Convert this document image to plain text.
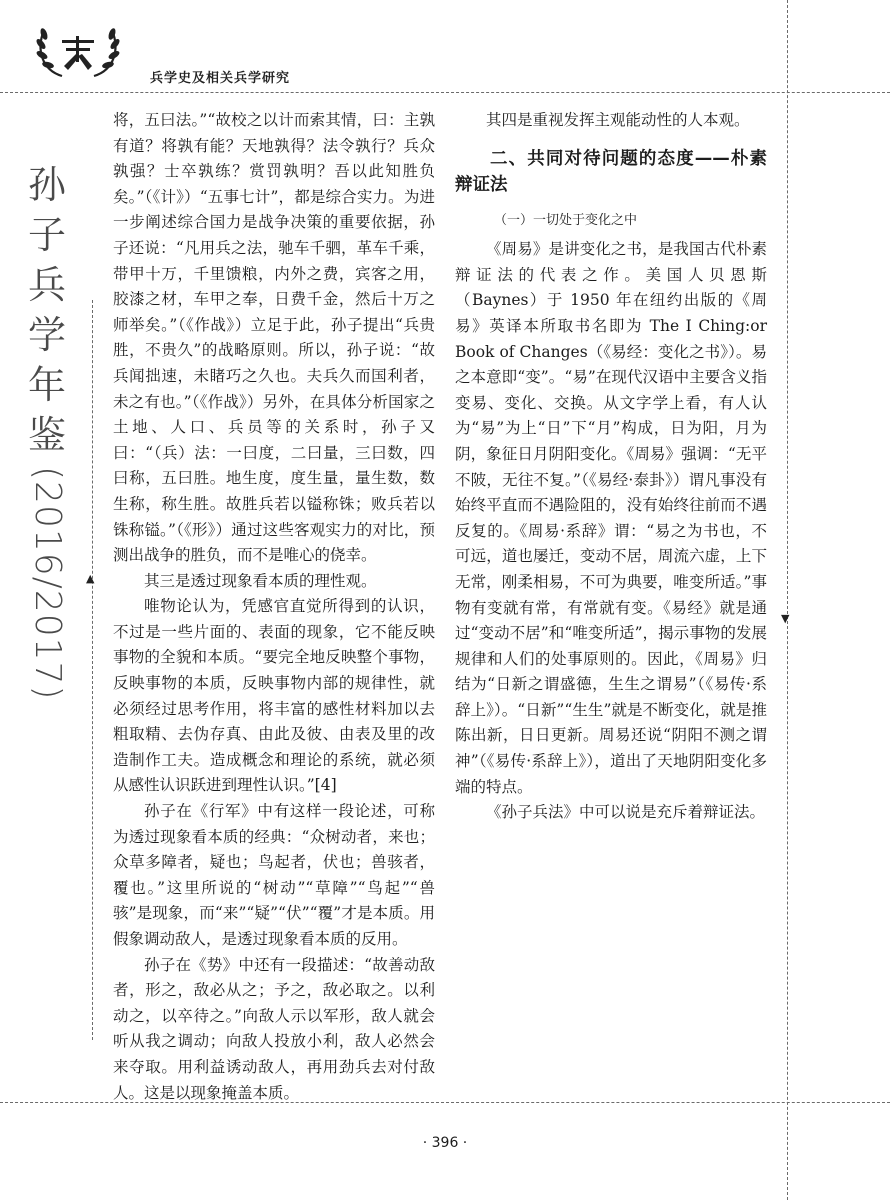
兵学史及相关兵学研究
孙
子
兵
学
年
鉴
(2016/2017)	▲
▼

将，五曰法。”“故校之以计而索其情，曰：主孰有道？将孰有能？天地孰得？法令孰行？兵众孰强？士卒孰练？赏罚孰明？吾以此知胜负矣。”（《计》）“五事七计”，都是综合实力。为进一步阐述综合国力是战争决策的重要依据，孙子还说：“凡用兵之法，驰车千驷，革车千乘，带甲十万，千里馈粮，内外之费，宾客之用，胶漆之材，车甲之奉，日费千金，然后十万之师举矣。”（《作战》）立足于此，孙子提出“兵贵胜，不贵久”的战略原则。所以，孙子说：“故兵闻拙速，未睹巧之久也。夫兵久而国利者，未之有也。”（《作战》）另外，在具体分析国家之土地、人口、兵员等的关系时，孙子又曰：“（兵）法：一曰度，二曰量，三曰数，四曰称，五曰胜。地生度，度生量，量生数，数生称，称生胜。故胜兵若以镒称铢；败兵若以铢称镒。”（《形》）通过这些客观实力的对比，预测出战争的胜负，而不是唯心的侥幸。

其三是透过现象看本质的理性观。

唯物论认为，凭感官直觉所得到的认识，不过是一些片面的、表面的现象，它不能反映事物的全貌和本质。“要完全地反映整个事物，反映事物的本质，反映事物内部的规律性，就必须经过思考作用，将丰富的感性材料加以去粗取精、去伪存真、由此及彼、由表及里的改造制作工夫。造成概念和理论的系统，就必须从感性认识跃进到理性认识。”[4]

孙子在《行军》中有这样一段论述，可称为透过现象看本质的经典：“众树动者，来也；众草多障者，疑也；鸟起者，伏也；兽骇者，覆也。”这里所说的“树动”“草障”“鸟起”“兽骇”是现象，而“来”“疑”“伏”“覆”才是本质。用假象调动敌人，是透过现象看本质的反用。

孙子在《势》中还有一段描述：“故善动敌者，形之，敌必从之；予之，敌必取之。以利动之，以卒待之。”向敌人示以军形，敌人就会听从我之调动；向敌人投放小利，敌人必然会来夺取。用利益诱动敌人，再用劲兵去对付敌人。这是以现象掩盖本质。

其四是重视发挥主观能动性的人本观。

二、共同对待问题的态度——朴素辩证法
（一）一切处于变化之中

《周易》是讲变化之书，是我国古代朴素辩证法的代表之作。美国人贝恩斯（Baynes）于 1950 年在纽约出版的《周易》英译本所取书名即为 The I Ching:or Book of Changes（《易经：变化之书》）。易之本意即“变”。“易”在现代汉语中主要含义指变易、变化、交换。从文字学上看，有人认为“易”为上“日”下“月”构成，日为阳，月为阴，象征日月阴阳变化。《周易》强调：“无平不陂，无往不复。”（《易经·泰卦》）谓凡事没有始终平直而不遇险阻的，没有始终往前而不遇反复的。《周易·系辞》谓：“易之为书也，不可远，道也屡迁，变动不居，周流六虚，上下无常，刚柔相易，不可为典要，唯变所适。”事物有变就有常，有常就有变。《易经》就是通过“变动不居”和“唯变所适”，揭示事物的发展规律和人们的处事原则的。因此，《周易》归结为“日新之谓盛德，生生之谓易”（《易传·系辞上》）。“日新”“生生”就是不断变化，就是推陈出新，日日更新。周易还说“阴阳不测之谓神”（《易传·系辞上》），道出了天地阴阳变化多端的特点。

《孙子兵法》中可以说是充斥着辩证法。

· 396 ·
